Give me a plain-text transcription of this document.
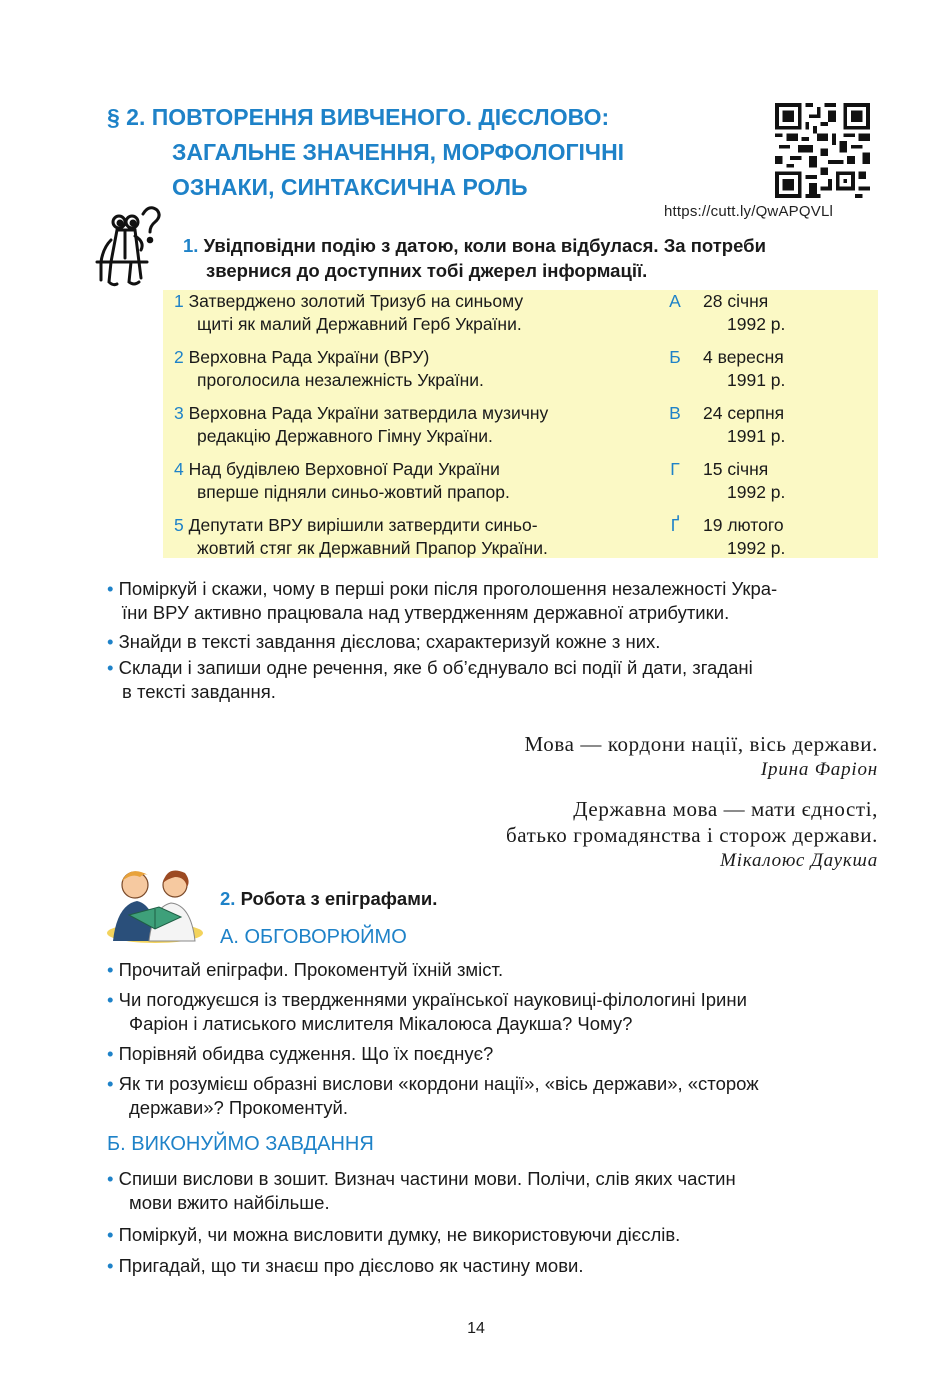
§ 2. ПОВТОРЕННЯ ВИВЧЕНОГО. ДІЄСЛОВО:
ЗАГАЛЬНЕ ЗНАЧЕННЯ, МОРФОЛОГІЧНІ
ОЗНАКИ, СИНТАКСИЧНА РОЛЬ
https://cutt.ly/QwAPQVLl
1. Увідповідни подію з датою, коли вона відбулася. За потреби
звернися до доступних тобі джерел інформації.
1 Затверджено золотий Тризуб на синьому
щиті як малий Державний Герб України.
А	28 січня
1992 р.
2 Верховна Рада України (ВРУ)
проголосила незалежність України.
Б	4 вересня
1991 р.
3 Верховна Рада України затвердила музичну
редакцію Державного Гімну України.
В	24 серпня
1991 р.
4 Над будівлею Верховної Ради України
вперше підняли синьо-жовтий прапор.
Г	15 січня
1992 р.
5 Депутати ВРУ вирішили затвердити синьо-
жовтий стяг як Державний Прапор України.
Ґ	19 лютого
1992 р.
• Поміркуй і скажи, чому в перші роки після проголошення незалежності Укра-
їни ВРУ активно працювала над утвердженням державної атрибутики.
• Знайди в тексті завдання дієслова; схарактеризуй кожне з них.
• Склади і запиши одне речення, яке б об’єднувало всі події й дати, згадані
в тексті завдання.
Мова — кордони нації, вісь держави.
Ірина Фаріон
Державна мова — мати єдності,
батько громадянства і сторож держави.
Мікалоюс Даукша
2. Робота з епіграфами.
А. ОБГОВОРЮЙМО
• Прочитай епіграфи. Прокоментуй їхній зміст.
• Чи погоджуєшся із твердженнями української науковиці-філологині Ірини
Фаріон і латиського мислителя Мікалоюса Даукша? Чому?
• Порівняй обидва судження. Що їх поєднує?
• Як ти розумієш образні вислови «кордони нації», «вісь держави», «сторож
держави»? Прокоментуй.
Б. ВИКОНУЙМО ЗАВДАННЯ
• Спиши вислови в зошит. Визнач частини мови. Полічи, слів яких частин
мови вжито найбільше.
• Поміркуй, чи можна висловити думку, не використовуючи дієслів.
• Пригадай, що ти знаєш про дієслово як частину мови.
14
